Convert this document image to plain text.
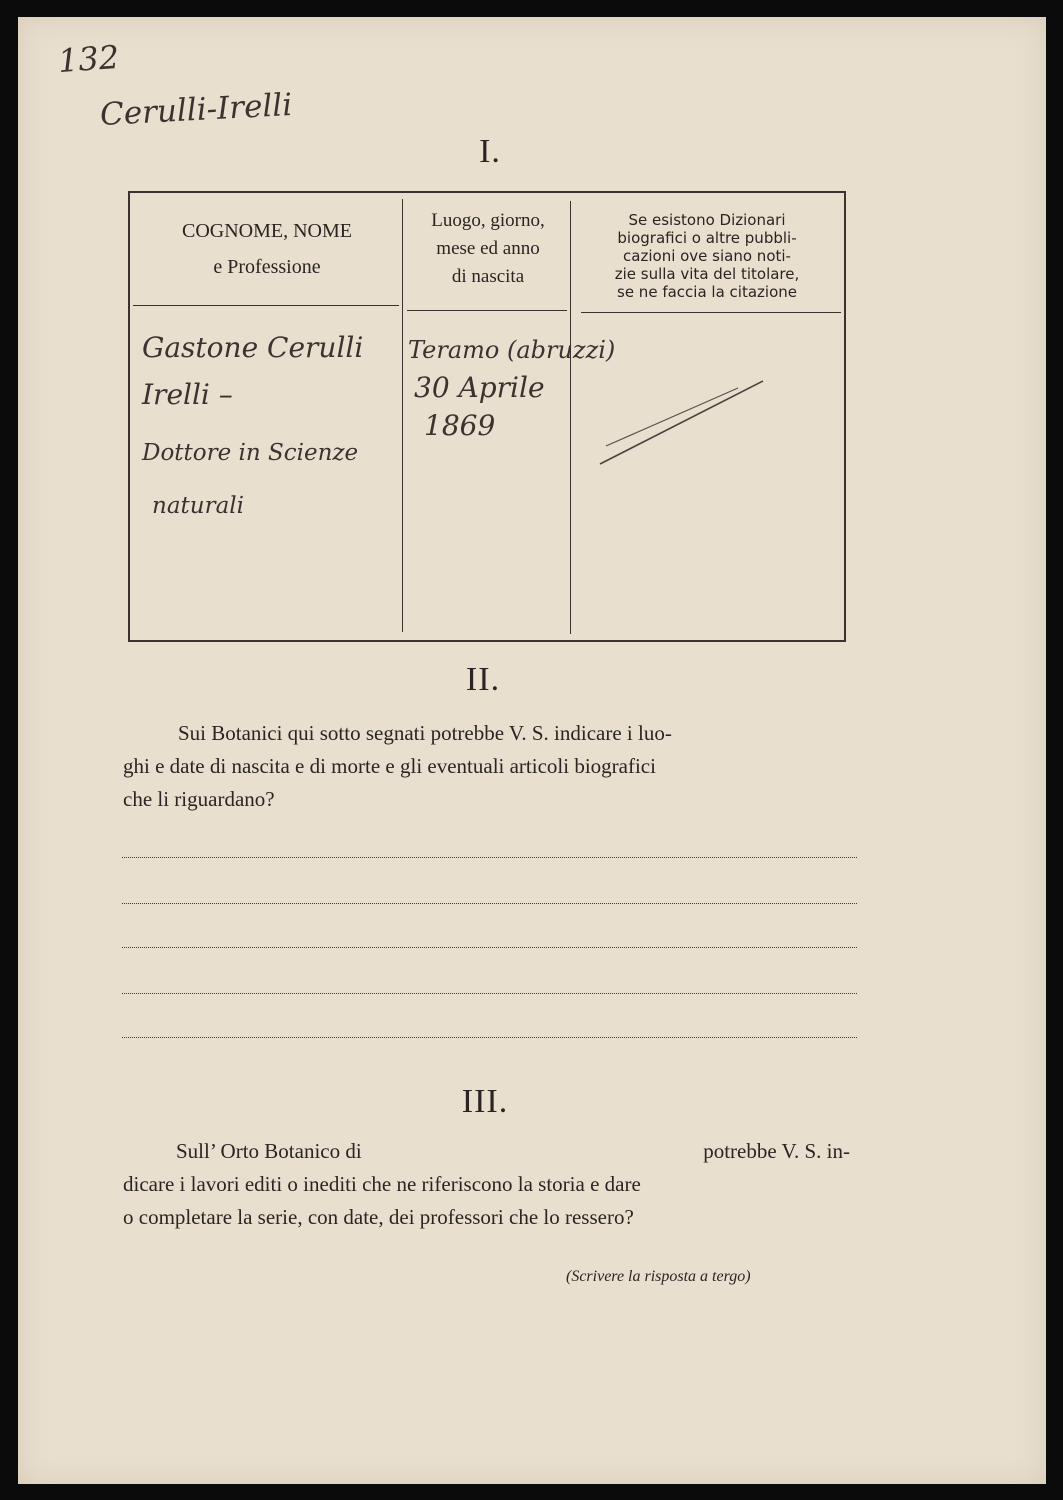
132
Cerulli-Irelli
I.
COGNOME, NOME
e Professione
Luogo, giorno,
mese ed anno
di nascita
Se esistono Dizionari
biografici o altre pubbli-
cazioni ove siano noti-
zie sulla vita del titolare,
se ne faccia la citazione
Gastone Cerulli
Irelli –
Dottore in Scienze
naturali
Teramo (abruzzi)
30 Aprile
1869
II.
Sui Botanici qui sotto segnati potrebbe V. S. indicare i luo-
ghi e date di nascita e di morte e gli eventuali articoli biografici
che li riguardano?
III.
Sull’ Orto Botanico di	potrebbe V. S. in-
dicare i lavori editi o inediti che ne riferiscono la storia e dare
o completare la serie, con date, dei professori che lo ressero?
(Scrivere la risposta a tergo)
